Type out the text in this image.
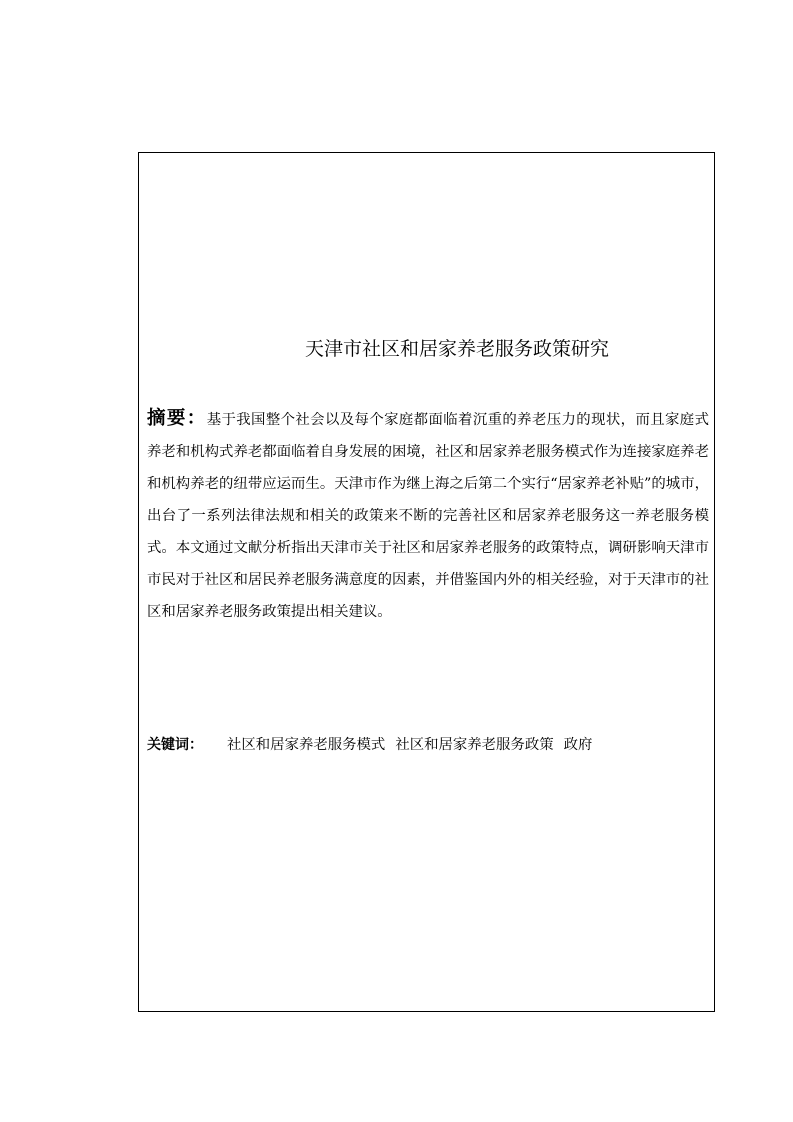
天津市社区和居家养老服务政策研究

摘要：基于我国整个社会以及每个家庭都面临着沉重的养老压力的现状，而且家庭式养老和机构式养老都面临着自身发展的困境，社区和居家养老服务模式作为连接家庭养老和机构养老的纽带应运而生。天津市作为继上海之后第二个实行“居家养老补贴”的城市，出台了一系列法律法规和相关的政策来不断的完善社区和居家养老服务这一养老服务模式。本文通过文献分析指出天津市关于社区和居家养老服务的政策特点，调研影响天津市市民对于社区和居民养老服务满意度的因素，并借鉴国内外的相关经验，对于天津市的社区和居家养老服务政策提出相关建议。

关键词： 社区和居家养老服务模式 社区和居家养老服务政策 政府
